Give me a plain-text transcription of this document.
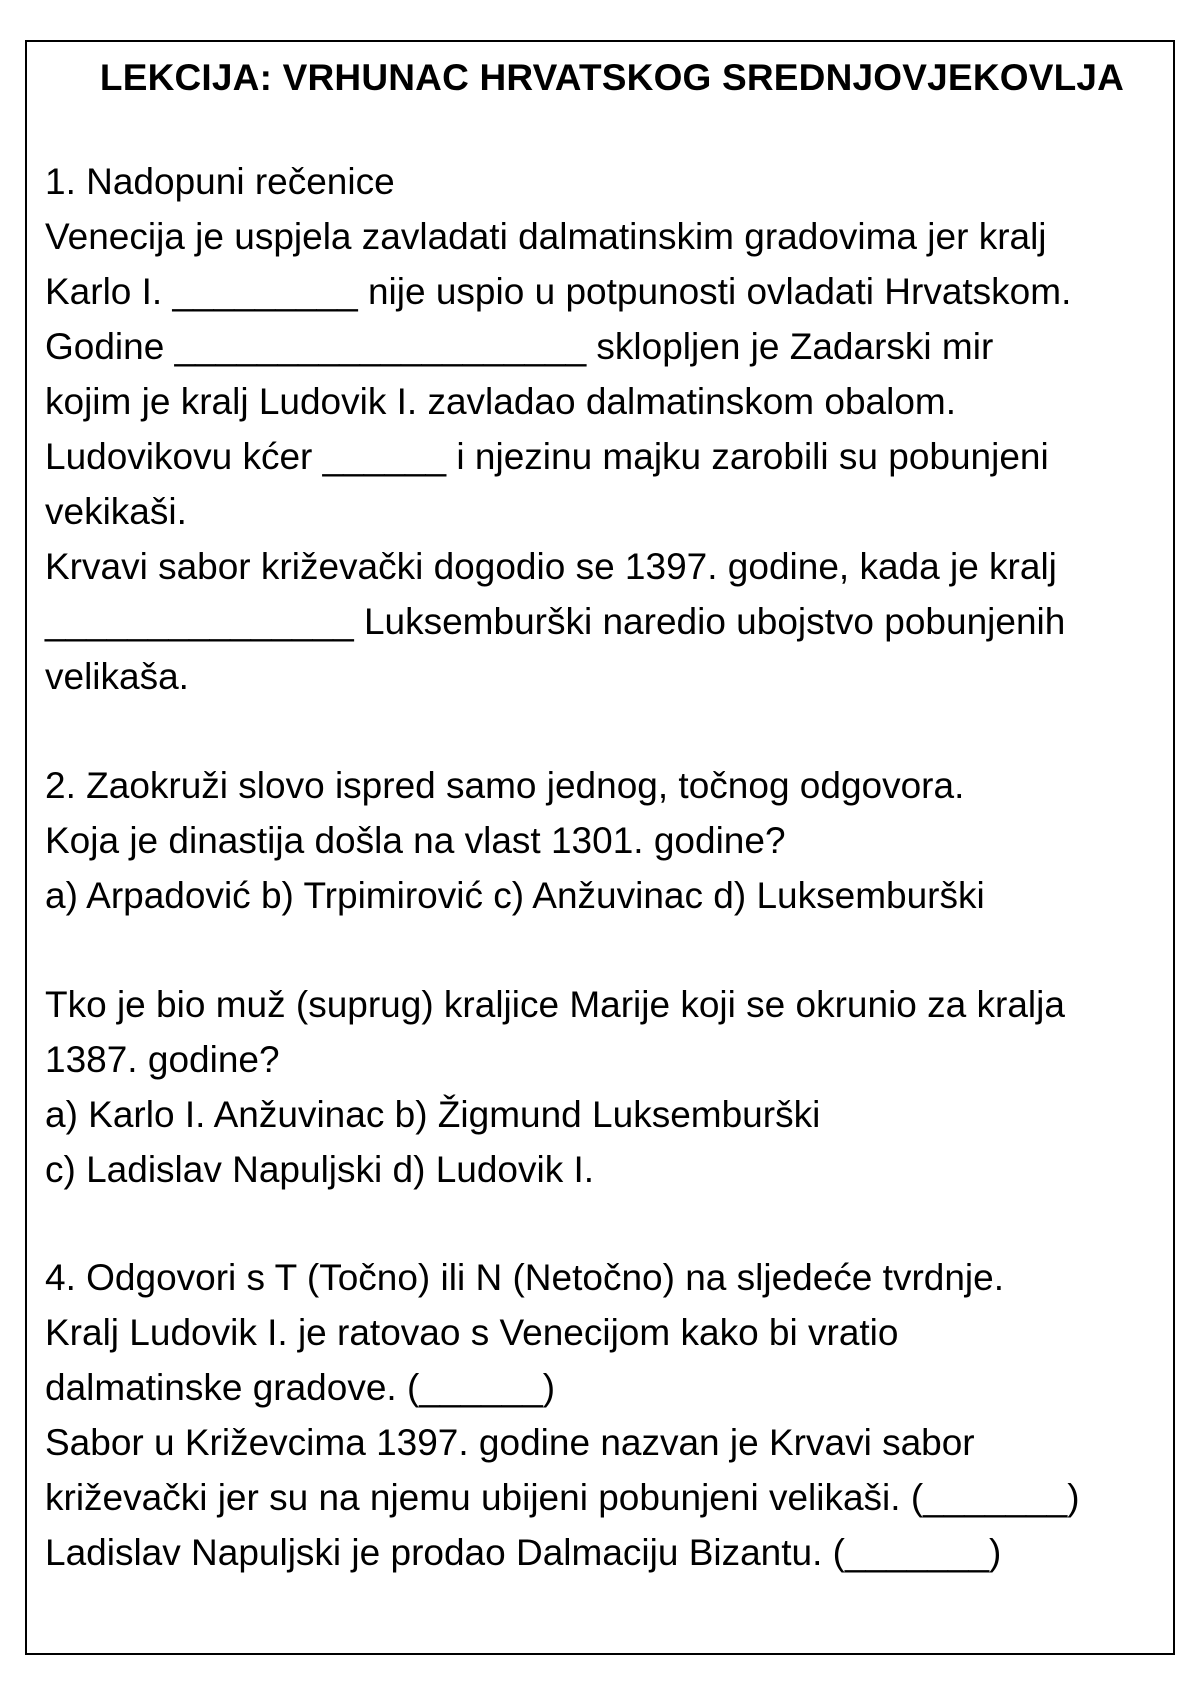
LEKCIJA: VRHUNAC HRVATSKOG SREDNJOVJEKOVLJA
1. Nadopuni rečenice
Venecija je uspjela zavladati dalmatinskim gradovima jer kralj
Karlo I. _________ nije uspio u potpunosti ovladati Hrvatskom.
Godine ____________________ sklopljen je Zadarski mir
kojim je kralj Ludovik I. zavladao dalmatinskom obalom.
Ludovikovu kćer ______ i njezinu majku zarobili su pobunjeni
vekikaši.
Krvavi sabor križevački dogodio se 1397. godine, kada je kralj
_______________ Luksemburški naredio ubojstvo pobunjenih
velikaša.
2. Zaokruži slovo ispred samo jednog, točnog odgovora.
Koja je dinastija došla na vlast 1301. godine?
a) Arpadović b) Trpimirović c) Anžuvinac d) Luksemburški
Tko je bio muž (suprug) kraljice Marije koji se okrunio za kralja
1387. godine?
a) Karlo I. Anžuvinac b) Žigmund Luksemburški
c) Ladislav Napuljski d) Ludovik I.
4. Odgovori s T (Točno) ili N (Netočno) na sljedeće tvrdnje.
Kralj Ludovik I. je ratovao s Venecijom kako bi vratio
dalmatinske gradove. (______)
Sabor u Križevcima 1397. godine nazvan je Krvavi sabor
križevački jer su na njemu ubijeni pobunjeni velikaši. (_______)
Ladislav Napuljski je prodao Dalmaciju Bizantu. (_______)
